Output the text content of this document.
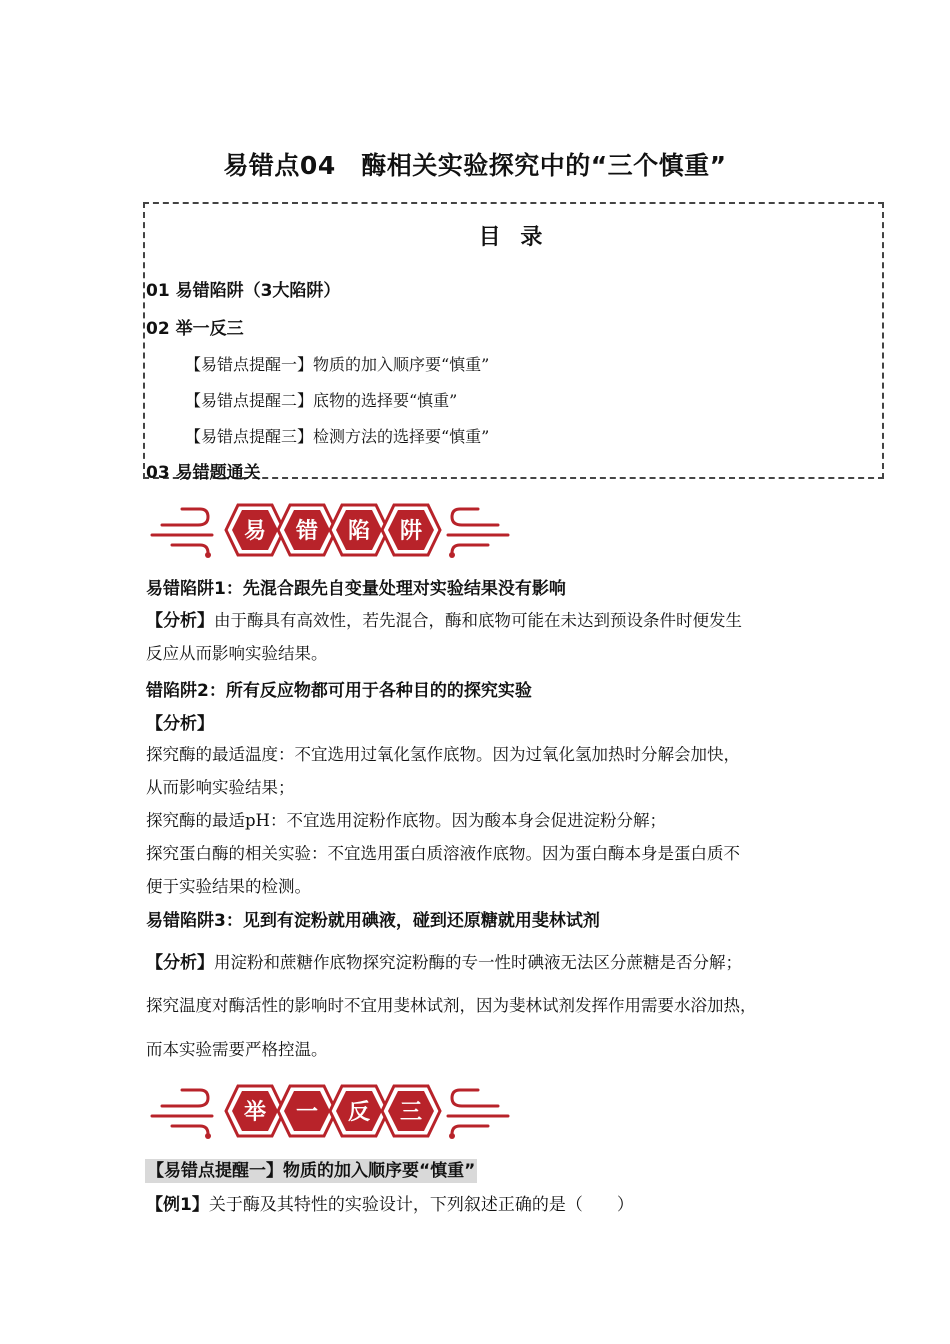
易错点04　酶相关实验探究中的“三个慎重”
目 录
01 易错陷阱（3大陷阱）
02 举一反三
【易错点提醒一】物质的加入顺序要“慎重”
【易错点提醒二】底物的选择要“慎重”
【易错点提醒三】检测方法的选择要“慎重”
03 易错题通关
易 错 陷 阱
易错陷阱1：先混合跟先自变量处理对实验结果没有影响
【分析】由于酶具有高效性，若先混合，酶和底物可能在未达到预设条件时便发生
反应从而影响实验结果。
错陷阱2：所有反应物都可用于各种目的的探究实验
【分析】
探究酶的最适温度：不宜选用过氧化氢作底物。因为过氧化氢加热时分解会加快，
从而影响实验结果；
探究酶的最适pH：不宜选用淀粉作底物。因为酸本身会促进淀粉分解；
探究蛋白酶的相关实验：不宜选用蛋白质溶液作底物。因为蛋白酶本身是蛋白质不
便于实验结果的检测。
易错陷阱3：见到有淀粉就用碘液，碰到还原糖就用斐林试剂
【分析】用淀粉和蔗糖作底物探究淀粉酶的专一性时碘液无法区分蔗糖是否分解；
探究温度对酶活性的影响时不宜用斐林试剂，因为斐林试剂发挥作用需要水浴加热，
而本实验需要严格控温。
举 一 反 三
【易错点提醒一】物质的加入顺序要“慎重”
【例1】关于酶及其特性的实验设计，下列叙述正确的是（　　）
